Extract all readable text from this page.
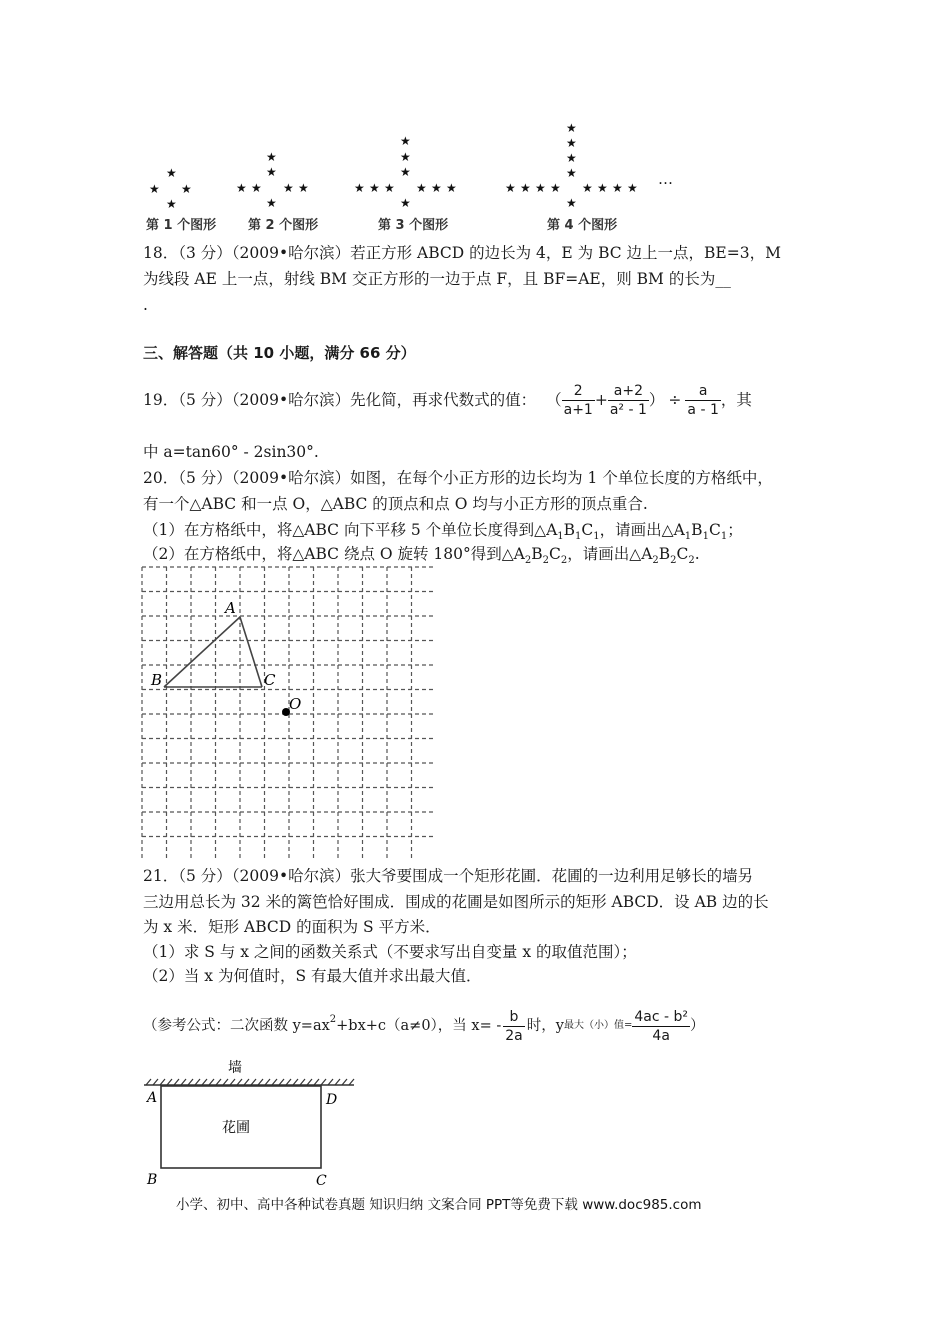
★
★ ★
★
★
★
★ ★ ★ ★
★
★
★
★
★ ★ ★ ★ ★ ★
★
★
★
★
★
★ ★ ★ ★ ★ ★ ★ ★
★
…
第 1 个图形 第 2 个图形	第 3 个图形	第 4 个图形
18．（3 分）（2009•哈尔滨）若正方形 ABCD 的边长为 4，E 为 BC 边上一点，BE=3，M
为线段 AE 上一点，射线 BM 交正方形的一边于点 F，且 BF=AE，则 BM 的长为__
.
三、解答题（共 10 小题，满分 66 分）
19．（5 分）（2009•哈尔滨）先化简，再求代数式的值： （ $\frac{2}{a+1} + \frac{a+2}{\text{a² - 1}}$ ） ÷ $\frac{a}{a - 1}$ ，其
中 a=tan60° - 2sin30°.
20．（5 分）（2009•哈尔滨）如图，在每个小正方形的边长均为 1 个单位长度的方格纸中，
有一个△ABC 和一点 O，△ABC 的顶点和点 O 均与小正方形的顶点重合.
（1）在方格纸中，将△ABC 向下平移 5 个单位长度得到$\triangle A_1B_1C_1$，请画出$\triangle A_1B_1C_1$；
（2）在方格纸中，将△ABC 绕点 O 旋转 180°得到$\triangle A_2B_2C_2$，请画出$\triangle A_2B_2C_2$.
A
B	C
O
21．（5 分）（2009•哈尔滨）张大爷要围成一个矩形花圃．花圃的一边利用足够长的墙另
三边用总长为 32 米的篱笆恰好围成．围成的花圃是如图所示的矩形 ABCD．设 AB 边的长
为 x 米．矩形 ABCD 的面积为 S 平方米．
（1）求 S 与 x 之间的函数关系式（不要求写出自变量 x 的取值范围）；
（2）当 x 为何值时，S 有最大值并求出最大值．
（参考公式：二次函数 $y=ax^2 +bx+c(a\ne 0)$，当 $x= - \frac{b}{2a}$ 时，y 最大（小）值= $\frac{\text{4ac - b²}}{4a}$ ）
墙
花圃
A	D
B	C
小学、初中、高中各种试卷真题 知识归纳 文案合同 PPT等免费下载 www.doc985.com
